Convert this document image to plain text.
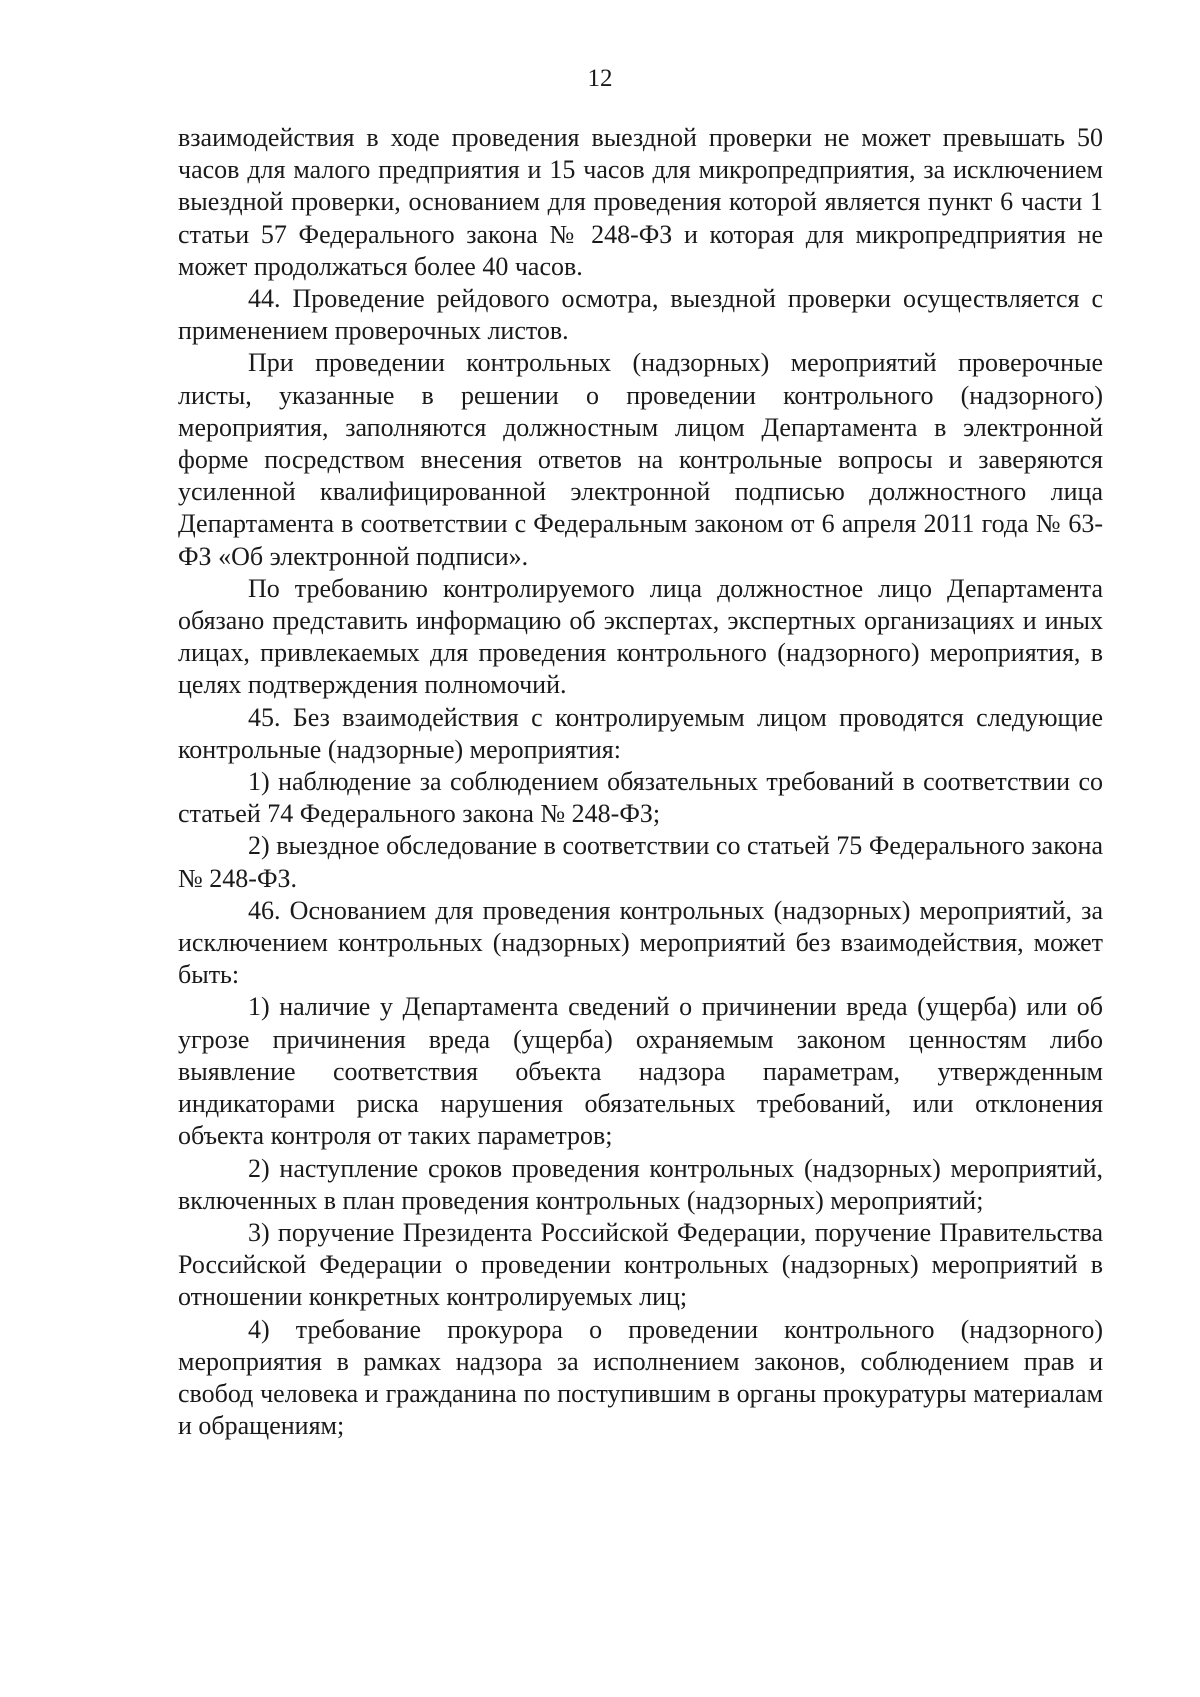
12

взаимодействия в ходе проведения выездной проверки не может превышать 50 часов для малого предприятия и 15 часов для микропредприятия, за исключением выездной проверки, основанием для проведения которой является пункт 6 части 1 статьи 57 Федерального закона № 248-ФЗ и которая для микропредприятия не может продолжаться более 40 часов.

44. Проведение рейдового осмотра, выездной проверки осуществляется с применением проверочных листов.

При проведении контрольных (надзорных) мероприятий проверочные листы, указанные в решении о проведении контрольного (надзорного) мероприятия, заполняются должностным лицом Департамента в электронной форме посредством внесения ответов на контрольные вопросы и заверяются усиленной квалифицированной электронной подписью должностного лица Департамента в соответствии с Федеральным законом от 6 апреля 2011 года № 63-ФЗ «Об электронной подписи».

По требованию контролируемого лица должностное лицо Департамента обязано представить информацию об экспертах, экспертных организациях и иных лицах, привлекаемых для проведения контрольного (надзорного) мероприятия, в целях подтверждения полномочий.

45. Без взаимодействия с контролируемым лицом проводятся следующие контрольные (надзорные) мероприятия:

1) наблюдение за соблюдением обязательных требований в соответствии со статьей 74 Федерального закона № 248-ФЗ;

2) выездное обследование в соответствии со статьей 75 Федерального закона № 248-ФЗ.

46. Основанием для проведения контрольных (надзорных) мероприятий, за исключением контрольных (надзорных) мероприятий без взаимодействия, может быть:

1) наличие у Департамента сведений о причинении вреда (ущерба) или об угрозе причинения вреда (ущерба) охраняемым законом ценностям либо выявление соответствия объекта надзора параметрам, утвержденным индикаторами риска нарушения обязательных требований, или отклонения объекта контроля от таких параметров;

2) наступление сроков проведения контрольных (надзорных) мероприятий, включенных в план проведения контрольных (надзорных) мероприятий;

3) поручение Президента Российской Федерации, поручение Правительства Российской Федерации о проведении контрольных (надзорных) мероприятий в отношении конкретных контролируемых лиц;

4) требование прокурора о проведении контрольного (надзорного) мероприятия в рамках надзора за исполнением законов, соблюдением прав и свобод человека и гражданина по поступившим в органы прокуратуры материалам и обращениям;
